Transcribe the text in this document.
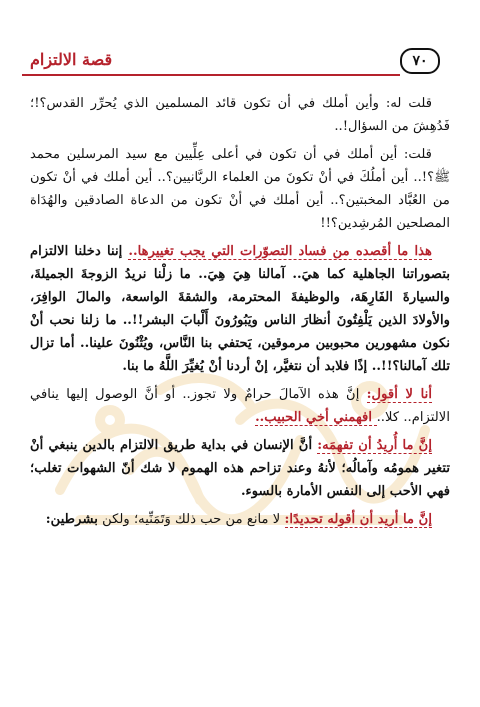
قصة الالتزام	٧٠

قلت له: وأين أملك في أن تكون قائد المسلمين الذي يُحرِّر القدس؟!؛ فَدُهِشَ من السؤال!..

قلت: أين أملك في أن تكون في أعلى عِلِّيين مع سيد المرسلين محمد ﷺ؟!.. أين أملُكَ في أنْ تكونَ من العلماء الربَّانيين؟.. أين أملك في أنْ تكون من العُبَّاد المخبتين؟.. أين أملك في أنْ تكون من الدعاة الصادقين والهُدَاة المصلحين المُرشِدين؟!!

هذا ما أقصده من فساد التصوّرات التي يجب تغييرها.. إننا دخلنا الالتزام بتصوراتنا الجاهلية كما هيَ.. آمالنا هِيَ هِيَ.. ما زلْنا نريدُ الزوجةَ الجميلةَ، والسيارةَ الفَارِهَة، والوظيفةَ المحترمة، والشقةَ الواسعة، والمالَ الوافِرَ، والأولادَ الذين يَلْفِتُونَ أنظارَ الناس ويَبُورُونَ أَلْبابَ البشر!!.. ما زلنا نحب أنْ نكون مشهورين محبوبين مرموقين، يَحتفي بنا النَّاس، ويُثْنُونَ علينا.. أما تزال تلك آمالنا؟!!.. إذًا فلابد أن نتغيَّر، إنْ أردنا أنْ يُغيِّرَ اللَّهُ ما بنا.

أنا لا أقول: إنَّ هذه الآمالَ حرامٌ ولا تجوز.. أو أنَّ الوصول إليها ينافي الالتزام.. كلا.. افهمني أخي الحبيب..

إنَّ ما أُريدُ أن تفهمَه: أنَّ الإنسان في بداية طريق الالتزام بالدين ينبغي أنْ تتغير همومُه وآمالُه؛ لأنهُ وعند تزاحم هذه الهموم لا شك أنّ الشهوات تغلب؛ فهي الأحب إلى النفس الأمارة بالسوء.

إنَّ ما أريد أن أقوله تحديدًا: لا مانع من حب ذلك وَتَمَنِّيه؛ ولكن بشرطين:
